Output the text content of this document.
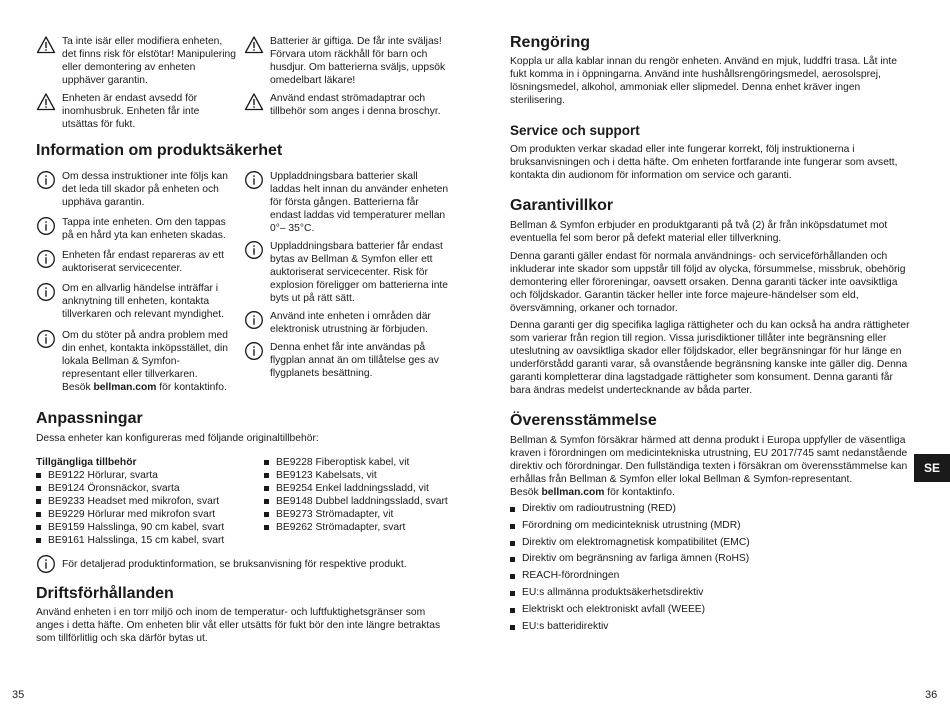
Ta inte isär eller modifiera enheten, det finns risk för elstötar! Manipulering eller demontering av enheten upphäver garantin.

Enheten är endast avsedd för inomhusbruk. Enheten får inte utsättas för fukt.

Batterier är giftiga. De får inte sväljas! Förvara utom räckhåll för barn och husdjur. Om batterierna sväljs, uppsök omedelbart läkare!

Använd endast strömadaptrar och tillbehör som anges i denna broschyr.

Information om produktsäkerhet

Om dessa instruktioner inte följs kan det leda till skador på enheten och upphäva garantin.

Tappa inte enheten. Om den tappas på en hård yta kan enheten skadas.

Enheten får endast repareras av ett auktoriserat servicecenter.

Om en allvarlig händelse inträffar i anknytning till enheten, kontakta tillverkaren och relevant myndighet.

Om du stöter på andra problem med din enhet, kontakta inköpsstället, din lokala Bellman & Symfon-representant eller tillverkaren.
Besök bellman.com för kontaktinfo.

Uppladdningsbara batterier skall laddas helt innan du använder enheten för första gången. Batterierna får endast laddas vid temperaturer mellan 0°– 35°C.

Uppladdningsbara batterier får endast bytas av Bellman & Symfon eller ett auktoriserat servicecenter. Risk för explosion föreligger om batterierna inte byts ut på rätt sätt.

Använd inte enheten i områden där elektronisk utrustning är förbjuden.

Denna enhet får inte användas på flygplan annat än om tillåtelse ges av flygplanets besättning.

Anpassningar

Dessa enheter kan konfigureras med följande originaltillbehör:

Tillgängliga tillbehör

BE9122 Hörlurar, svarta
BE9124 Öronsnäckor, svarta
BE9233 Headset med mikrofon, svart
BE9229 Hörlurar med mikrofon svart
BE9159 Halsslinga, 90 cm kabel, svart
BE9161 Halsslinga, 15 cm kabel, svart
BE9228 Fiberoptisk kabel, vit
BE9123 Kabelsats, vit
BE9254 Enkel laddningssladd, vit
BE9148 Dubbel laddningssladd, svart
BE9273 Strömadapter, vit
BE9262 Strömadapter, svart

För detaljerad produktinformation, se bruksanvisning för respektive produkt.

Driftsförhållanden

Använd enheten i en torr miljö och inom de temperatur- och luftfuktighetsgränser som anges i detta häfte. Om enheten blir våt eller utsätts för fukt bör den inte längre betraktas som tillförlitlig och ska därför bytas ut.

35
Rengöring

Koppla ur alla kablar innan du rengör enheten. Använd en mjuk, luddfri trasa. Låt inte fukt komma in i öppningarna. Använd inte hushållsrengöringsmedel, aerosolsprej, lösningsmedel, alkohol, ammoniak eller slipmedel. Denna enhet kräver ingen sterilisering.

Service och support

Om produkten verkar skadad eller inte fungerar korrekt, följ instruktionerna i bruksanvisningen och i detta häfte. Om enheten fortfarande inte fungerar som avsett, kontakta din audionom för information om service och garanti.

Garantivillkor

Bellman & Symfon erbjuder en produktgaranti på två (2) år från inköpsdatumet mot eventuella fel som beror på defekt material eller tillverkning.

Denna garanti gäller endast för normala användnings- och serviceförhållanden och inkluderar inte skador som uppstår till följd av olycka, försummelse, missbruk, obehörig demontering eller föroreningar, oavsett orsaken. Denna garanti täcker inte oavsiktliga och följdskador. Garantin täcker heller inte force majeure-händelser som eld, översvämning, orkaner och tornador.

Denna garanti ger dig specifika lagliga rättigheter och du kan också ha andra rättigheter som varierar från region till region. Vissa jurisdiktioner tillåter inte begränsning eller uteslutning av oavsiktliga skador eller följdskador, eller begränsningar för hur länge en underförstådd garanti varar, så ovanstående begränsning kanske inte gäller dig. Denna garanti kompletterar dina lagstadgade rättigheter som konsument. Denna garanti får bara ändras medelst undertecknande av båda parter.

Överensstämmelse

Bellman & Symfon försäkrar härmed att denna produkt i Europa uppfyller de väsentliga kraven i förordningen om medicintekniska utrustning, EU 2017/745 samt nedanstående direktiv och förordningar. Den fullständiga texten i försäkran om överensstämmelse kan erhållas från Bellman & Symfon eller lokal Bellman & Symfon-representant.
Besök bellman.com för kontaktinfo.

Direktiv om radioutrustning (RED)
Förordning om medicinteknisk utrustning (MDR)
Direktiv om elektromagnetisk kompatibilitet (EMC)
Direktiv om begränsning av farliga ämnen (RoHS)
REACH-förordningen
EU:s allmänna produktsäkerhetsdirektiv
Elektriskt och elektroniskt avfall (WEEE)
EU:s batteridirektiv
SE
36
